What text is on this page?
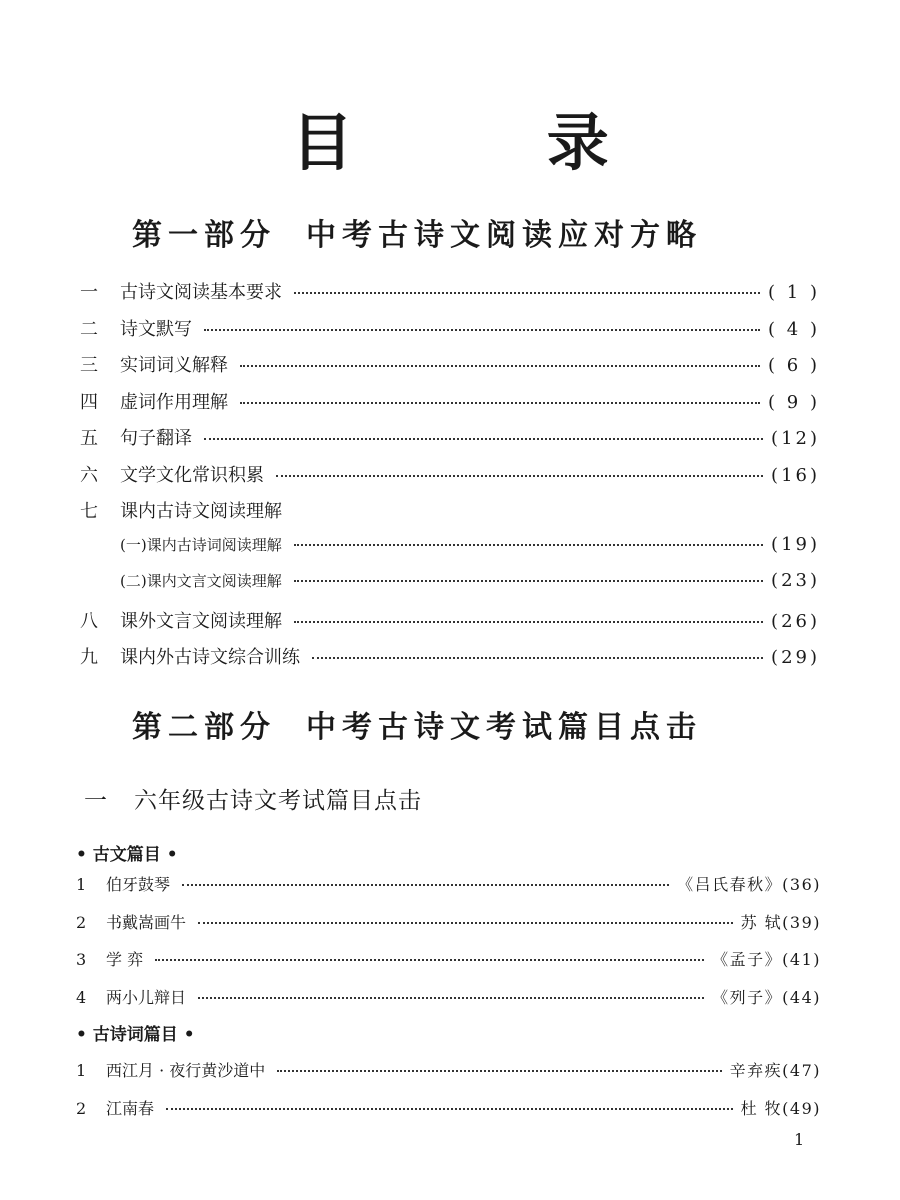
目 录
第一部分 中考古诗文阅读应对方略
一	古诗文阅读基本要求	( 1 )
二	诗文默写	( 4 )
三	实词词义解释	( 6 )
四	虚词作用理解	( 9 )
五	句子翻译	(12)
六	文学文化常识积累	(16)
七	课内古诗文阅读理解
(一)课内古诗词阅读理解	(19)
(二)课内文言文阅读理解	(23)
八	课外文言文阅读理解	(26)
九	课内外古诗文综合训练	(29)
第二部分 中考古诗文考试篇目点击
一 六年级古诗文考试篇目点击
• 古文篇目 •
1	伯牙鼓琴	《吕氏春秋》(36)
2	书戴嵩画牛	苏 轼(39)
3	学 弈	《孟子》(41)
4	两小儿辩日	《列子》(44)
• 古诗词篇目 •
1	西江月 · 夜行黄沙道中	辛弃疾(47)
2	江南春	杜 牧(49)
1
